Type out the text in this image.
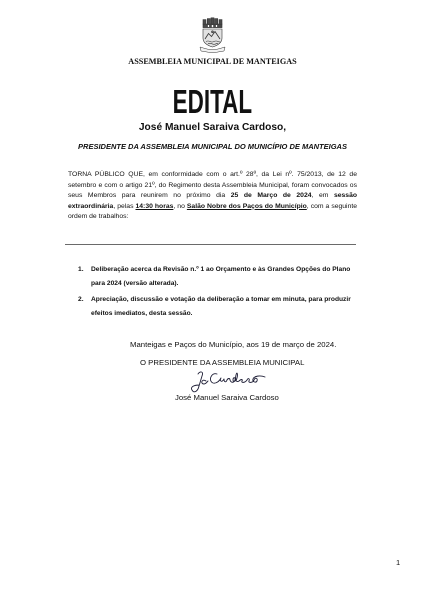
ASSEMBLEIA MUNICIPAL DE MANTEIGAS
EDITAL
José Manuel Saraiva Cardoso,
PRESIDENTE DA ASSEMBLEIA MUNICIPAL DO MUNICÍPIO DE MANTEIGAS

TORNA PÚBLICO QUE, em conformidade com o art.º 28º, da Lei nº. 75/2013, de 12 de setembro e com o artigo 21º, do Regimento desta Assembleia Municipal, foram convocados os seus Membros para reunirem no próximo dia 25 de Março de 2024, em sessão extraordinária, pelas 14:30 horas, no Salão Nobre dos Paços do Município, com a seguinte ordem de trabalhos:

1. Deliberação acerca da Revisão n.º 1 ao Orçamento e às Grandes Opções do Plano para 2024 (versão alterada).
2. Apreciação, discussão e votação da deliberação a tomar em minuta, para produzir efeitos imediatos, desta sessão.
Manteigas e Paços do Município, aos 19 de março de 2024.
O PRESIDENTE DA ASSEMBLEIA MUNICIPAL
José Manuel Saraiva Cardoso
1
